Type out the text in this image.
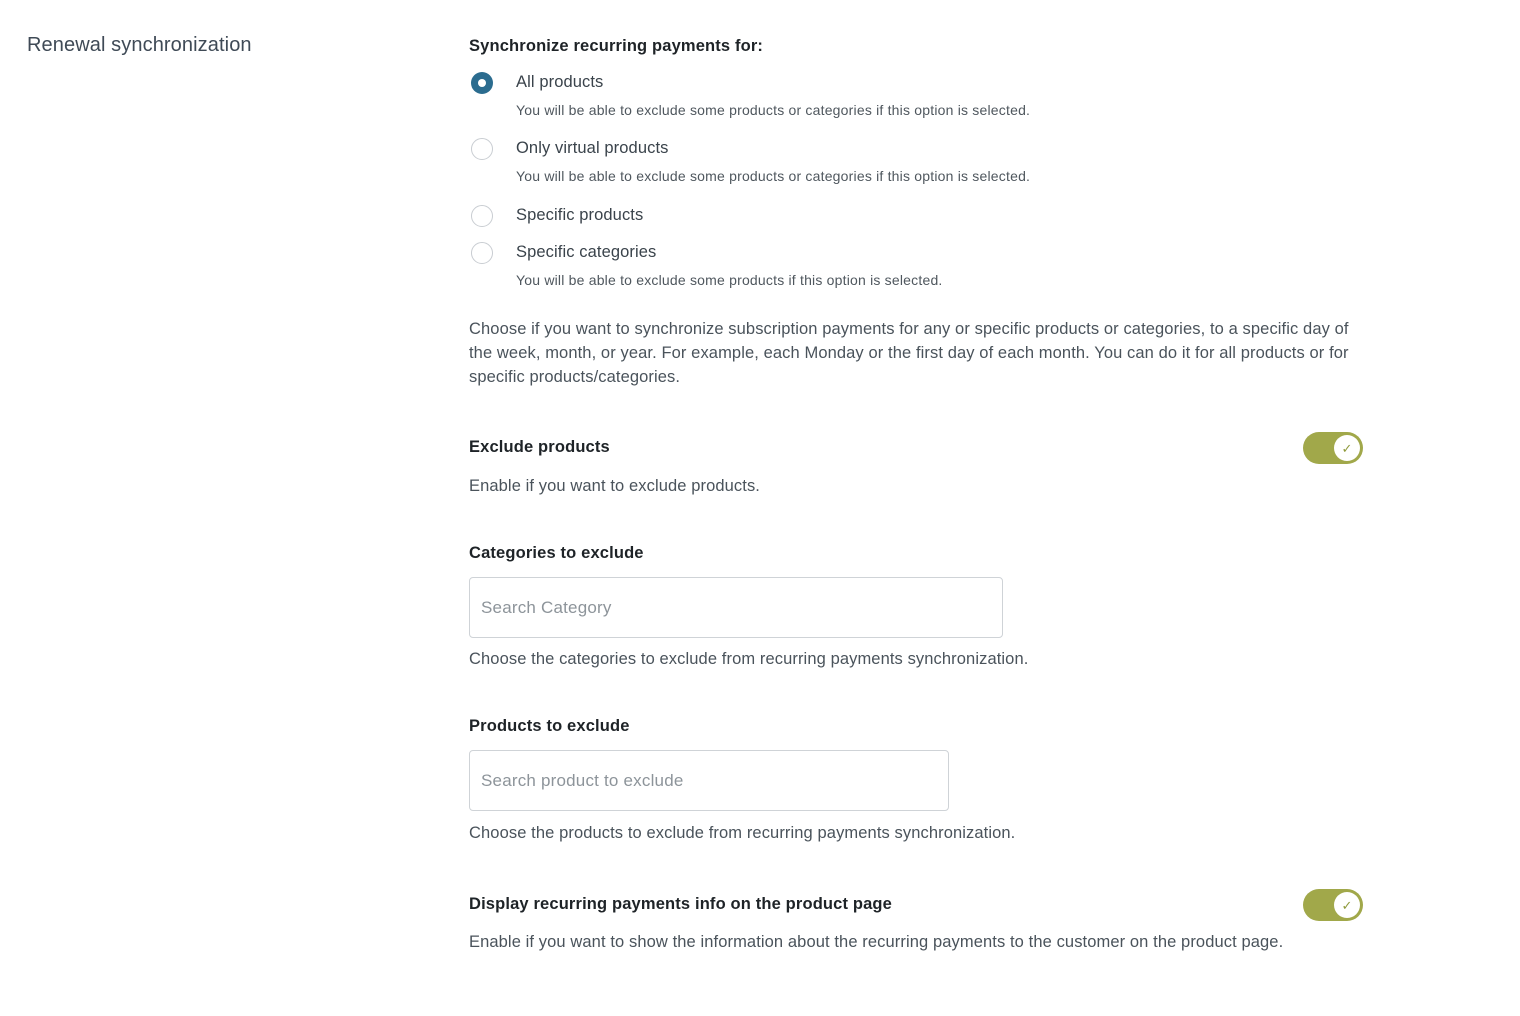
Renewal synchronization	Synchronize recurring payments for:
All products
You will be able to exclude some products or categories if this option is selected.
Only virtual products
You will be able to exclude some products or categories if this option is selected.
Specific products
Specific categories
You will be able to exclude some products if this option is selected.
Choose if you want to synchronize subscription payments for any or specific products or categories, to a specific day of the week, month, or year. For example, each Monday or the first day of each month. You can do it for all products or for specific products/categories.
Exclude products	✓
Enable if you want to exclude products.
Categories to exclude
Search Category
Choose the categories to exclude from recurring payments synchronization.
Products to exclude
Search product to exclude
Choose the products to exclude from recurring payments synchronization.
Display recurring payments info on the product page	✓
Enable if you want to show the information about the recurring payments to the customer on the product page.
